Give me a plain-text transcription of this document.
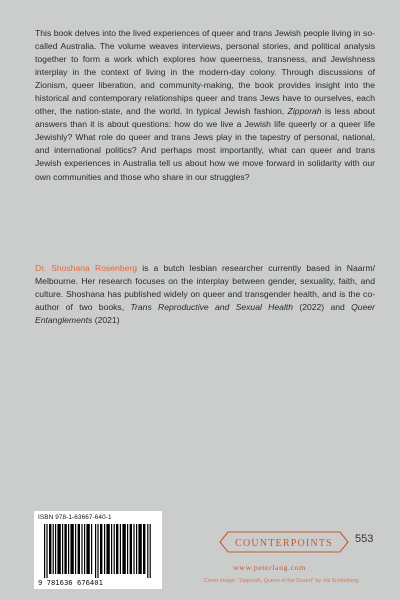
This book delves into the lived experiences of queer and trans Jewish people living in so-called Australia. The volume weaves interviews, personal stories, and political analysis together to form a work which explores how queerness, transness, and Jewishness interplay in the context of living in the modern-day colony. Through discussions of Zionism, queer liberation, and community-making, the book provides insight into the historical and contemporary relationships queer and trans Jews have to ourselves, each other, the nation-state, and the world. In typical Jewish fashion, Zipporah is less about answers than it is about questions: how do we live a Jewish life queerly or a queer life Jewishly? What role do queer and trans Jews play in the tapestry of personal, national, and international politics? And perhaps most importantly, what can queer and trans Jewish experiences in Australia tell us about how we move forward in solidarity with our own communities and those who share in our struggles?

Dr. Shoshana Rosenberg is a butch lesbian researcher currently based in Naarm/ Melbourne. Her research focuses on the interplay between gender, sexuality, faith, and culture. Shoshana has published widely on queer and transgender health, and is the co-author of two books, Trans Reproductive and Sexual Health (2022) and Queer Entanglements (2021)

ISBN 978-1-63667-640-1
9 781636 676401
COUNTERPOINTS 553
www.peterlang.com
Cover image: “Zipporah, Queen of the Desert” by Val Schlosberg
